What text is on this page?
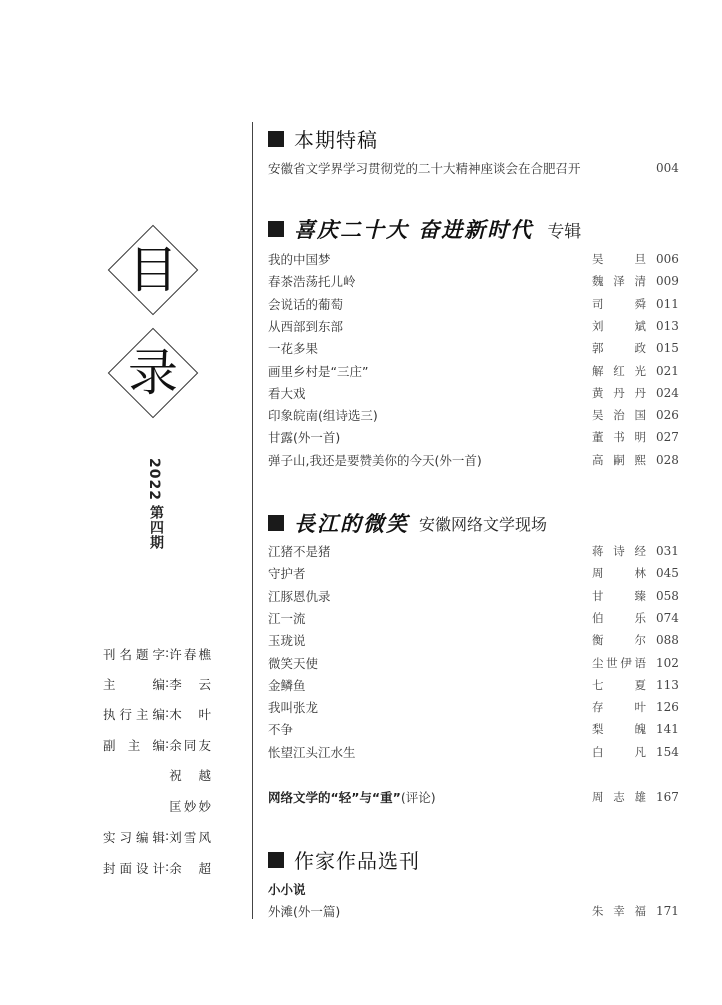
目
录
2022
第四期
刊 名 题 字 : 许 春 樵
主	编 : 李 云
执 行 主 编 : 木 叶
副 主 编 : 余 同 友
祝 越
匡 妙 妙
实 习 编 辑 : 刘 雪 风
封 面 设 计 : 余 超
本期特稿
安徽省文学界学习贯彻党的二十大精神座谈会在合肥召开	004
喜庆二十大 奋进新时代 专辑
我的中国梦	吴旦 006
春茶浩荡托儿岭	魏泽清 009
会说话的葡萄	司舜 011
从西部到东部	刘斌 013
一花多果	郭政 015
画里乡村是“三庄”	解红光 021
看大戏	黄丹丹 024
印象皖南(组诗选三)	吴治国 026
甘露(外一首)	董书明 027
弹子山,我还是要赞美你的今天(外一首)	高嗣熙 028
長江的微笑 安徽网络文学现场
江猪不是猪	蒋诗经 031
守护者	周林 045
江豚恩仇录	甘臻 058
江一流	伯乐 074
玉珑说	衡尔 088
微笑天使	尘世伊语 102
金鳞鱼	七夏 113
我叫张龙	存叶 126
不争	梨魄 141
怅望江头江水生	白凡 154
网络文学的“轻”与“重”(评论)	周志雄 167
作家作品选刊
小小说
外滩(外一篇)	朱幸福 171
